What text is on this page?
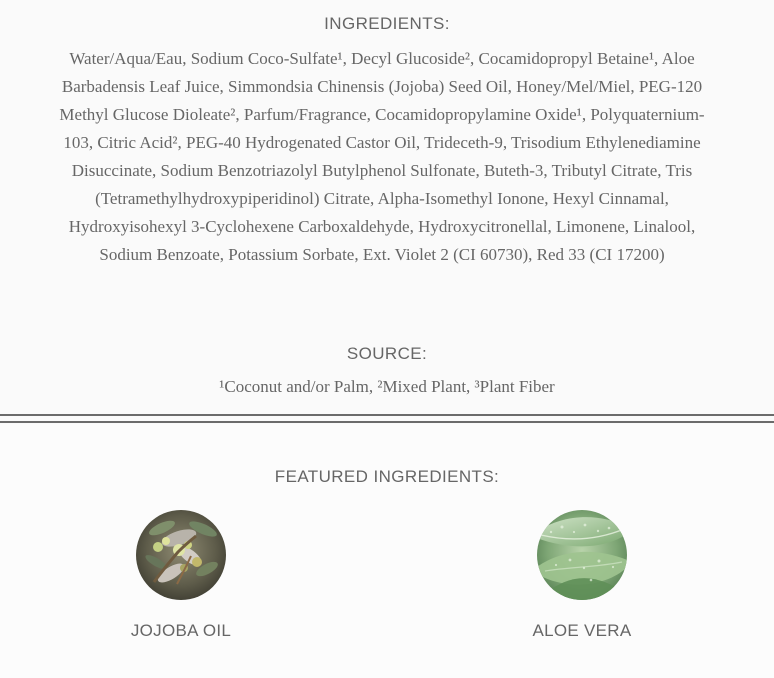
INGREDIENTS:
Water/Aqua/Eau, Sodium Coco-Sulfate¹, Decyl Glucoside², Cocamidopropyl Betaine¹, Aloe Barbadensis Leaf Juice, Simmondsia Chinensis (Jojoba) Seed Oil, Honey/Mel/Miel, PEG-120 Methyl Glucose Dioleate², Parfum/Fragrance, Cocamidopropylamine Oxide¹, Polyquaternium-103, Citric Acid², PEG-40 Hydrogenated Castor Oil, Trideceth-9, Trisodium Ethylenediamine Disuccinate, Sodium Benzotriazolyl Butylphenol Sulfonate, Buteth-3, Tributyl Citrate, Tris (Tetramethylhydroxypiperidinol) Citrate, Alpha-Isomethyl Ionone, Hexyl Cinnamal, Hydroxyisohexyl 3-Cyclohexene Carboxaldehyde, Hydroxycitronellal, Limonene, Linalool, Sodium Benzoate, Potassium Sorbate, Ext. Violet 2 (CI 60730), Red 33 (CI 17200)
SOURCE:
¹Coconut and/or Palm, ²Mixed Plant, ³Plant Fiber
FEATURED INGREDIENTS:
JOJOBA OIL	ALOE VERA
